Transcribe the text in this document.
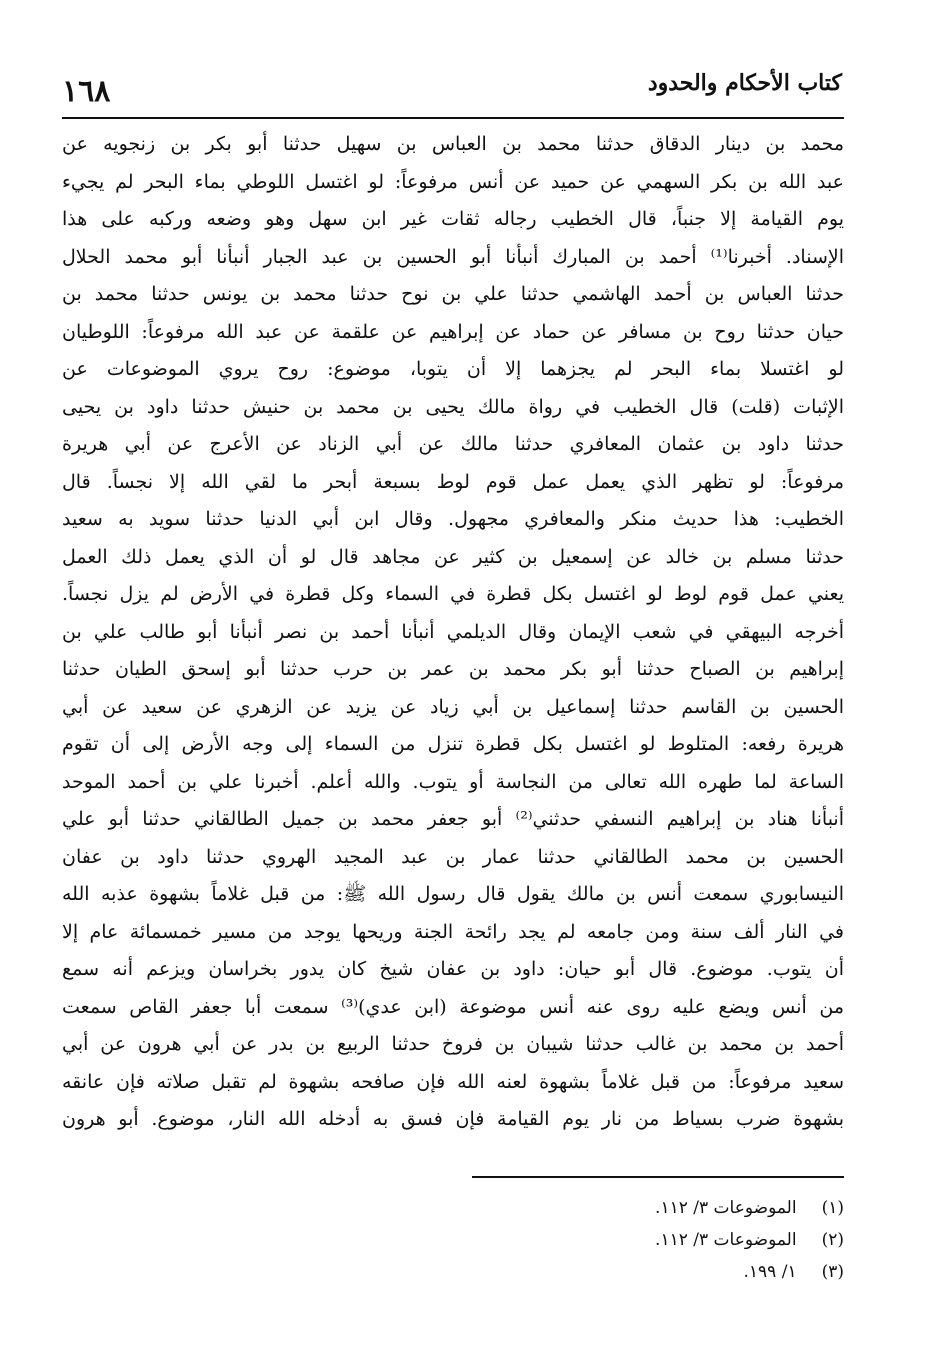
كتاب الأحكام والحدود
١٦٨
محمد بن دينار الدقاق حدثنا محمد بن العباس بن سهيل حدثنا أبو بكر بن زنجويه عن
عبد الله بن بكر السهمي عن حميد عن أنس مرفوعاً: لو اغتسل اللوطي بماء البحر لم يجيء
يوم القيامة إلا جنباً، قال الخطيب رجاله ثقات غير ابن سهل وهو وضعه وركبه على هذا
الإسناد. أخبرنا⁽¹⁾ أحمد بن المبارك أنبأنا أبو الحسين بن عبد الجبار أنبأنا أبو محمد الحلال
حدثنا العباس بن أحمد الهاشمي حدثنا علي بن نوح حدثنا محمد بن يونس حدثنا محمد بن
حيان حدثنا روح بن مسافر عن حماد عن إبراهيم عن علقمة عن عبد الله مرفوعاً: اللوطيان
لو اغتسلا بماء البحر لم يجزهما إلا أن يتوبا، موضوع: روح يروي الموضوعات عن
الإثبات (قلت) قال الخطيب في رواة مالك يحيى بن محمد بن حنيش حدثنا داود بن يحيى
حدثنا داود بن عثمان المعافري حدثنا مالك عن أبي الزناد عن الأعرج عن أبي هريرة
مرفوعاً: لو تظهر الذي يعمل عمل قوم لوط بسبعة أبحر ما لقي الله إلا نجساً. قال
الخطيب: هذا حديث منكر والمعافري مجهول. وقال ابن أبي الدنيا حدثنا سويد به سعيد
حدثنا مسلم بن خالد عن إسمعيل بن كثير عن مجاهد قال لو أن الذي يعمل ذلك العمل
يعني عمل قوم لوط لو اغتسل بكل قطرة في السماء وكل قطرة في الأرض لم يزل نجساً.
أخرجه البيهقي في شعب الإيمان وقال الديلمي أنبأنا أحمد بن نصر أنبأنا أبو طالب علي بن
إبراهيم بن الصباح حدثنا أبو بكر محمد بن عمر بن حرب حدثنا أبو إسحق الطيان حدثنا
الحسين بن القاسم حدثنا إسماعيل بن أبي زياد عن يزيد عن الزهري عن سعيد عن أبي
هريرة رفعه: المتلوط لو اغتسل بكل قطرة تنزل من السماء إلى وجه الأرض إلى أن تقوم
الساعة لما طهره الله تعالى من النجاسة أو يتوب. والله أعلم. أخبرنا علي بن أحمد الموحد
أنبأنا هناد بن إبراهيم النسفي حدثني⁽²⁾ أبو جعفر محمد بن جميل الطالقاني حدثنا أبو علي
الحسين بن محمد الطالقاني حدثنا عمار بن عبد المجيد الهروي حدثنا داود بن عفان
النيسابوري سمعت أنس بن مالك يقول قال رسول الله ﷺ: من قبل غلاماً بشهوة عذبه الله
في النار ألف سنة ومن جامعه لم يجد رائحة الجنة وريحها يوجد من مسير خمسمائة عام إلا
أن يتوب. موضوع. قال أبو حيان: داود بن عفان شيخ كان يدور بخراسان ويزعم أنه سمع
من أنس ويضع عليه روى عنه أنس موضوعة (ابن عدي)⁽³⁾ سمعت أبا جعفر القاص سمعت
أحمد بن محمد بن غالب حدثنا شيبان بن فروخ حدثنا الربيع بن بدر عن أبي هرون عن أبي
سعيد مرفوعاً: من قبل غلاماً بشهوة لعنه الله فإن صافحه بشهوة لم تقبل صلاته فإن عانقه
بشهوة ضرب بسياط من نار يوم القيامة فإن فسق به أدخله الله النار، موضوع. أبو هرون
(١) الموضوعات ٣/ ١١٢.
(٢) الموضوعات ٣/ ١١٢.
(٣) ١/ ١٩٩.
